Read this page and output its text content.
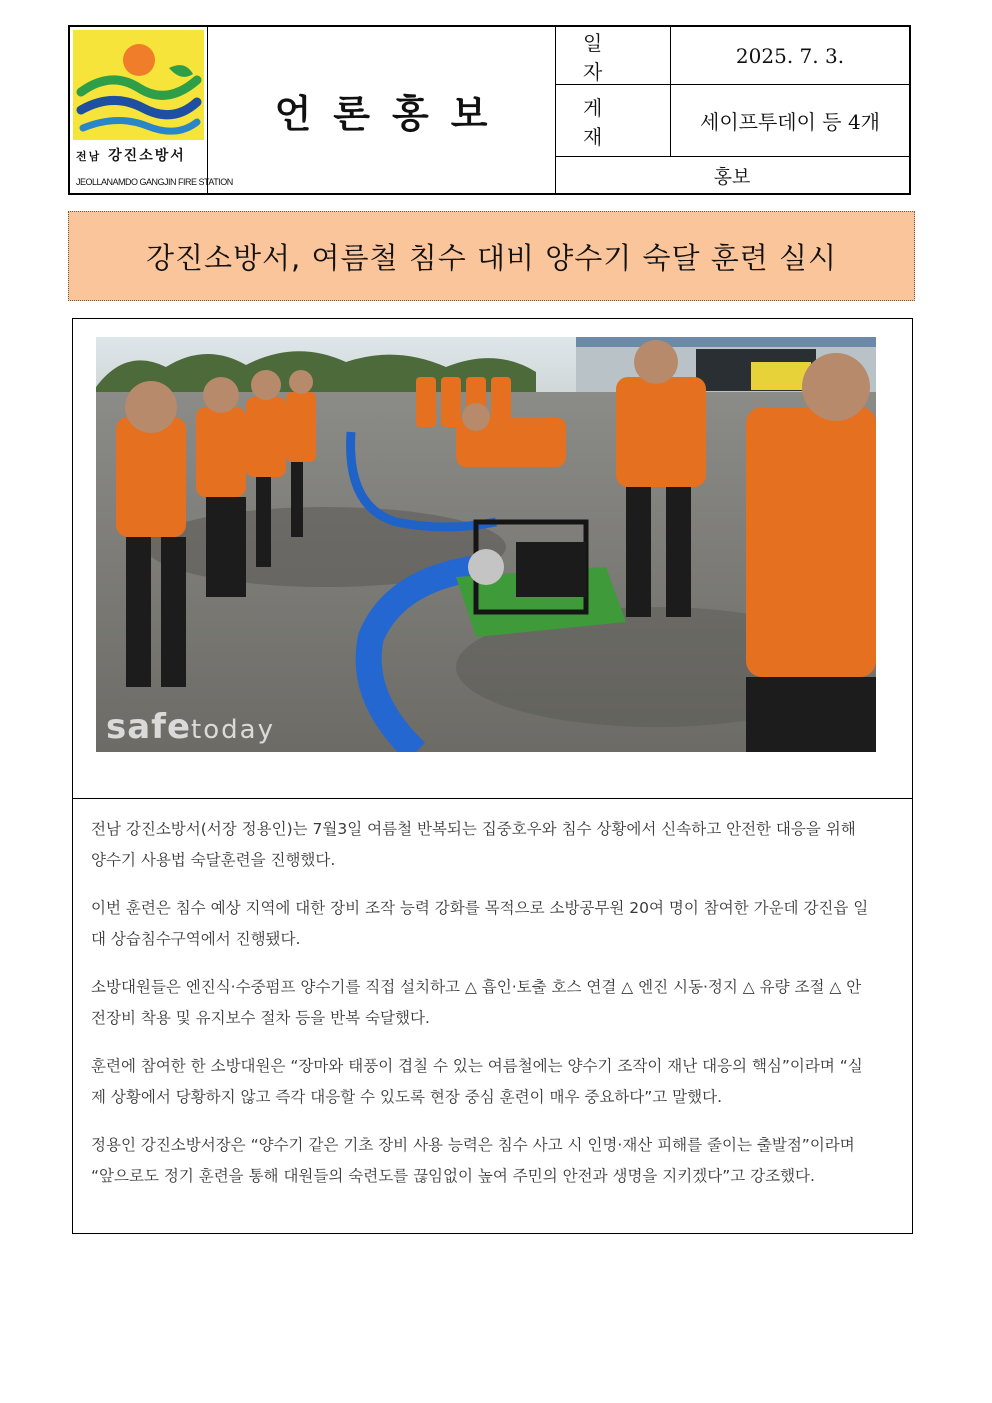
전남 강진소방서
JEOLLANAMDO GANGJIN FIRE STATION
언론홍보
일자
2025. 7. 3.
게재
세이프투데이 등 4개
홍보
강진소방서, 여름철 침수 대비 양수기 숙달 훈련 실시
safetoday
전남 강진소방서(서장 정용인)는 7월3일 여름철 반복되는 집중호우와 침수 상황에서 신속하고 안전한 대응을 위해 양수기 사용법 숙달훈련을 진행했다.
이번 훈련은 침수 예상 지역에 대한 장비 조작 능력 강화를 목적으로 소방공무원 20여 명이 참여한 가운데 강진읍 일대 상습침수구역에서 진행됐다.
소방대원들은 엔진식·수중펌프 양수기를 직접 설치하고 △ 흡인·토출 호스 연결 △ 엔진 시동·정지 △ 유량 조절 △ 안전장비 착용 및 유지보수 절차 등을 반복 숙달했다.
훈련에 참여한 한 소방대원은 “장마와 태풍이 겹칠 수 있는 여름철에는 양수기 조작이 재난 대응의 핵심”이라며 “실제 상황에서 당황하지 않고 즉각 대응할 수 있도록 현장 중심 훈련이 매우 중요하다”고 말했다.
정용인 강진소방서장은 “양수기 같은 기초 장비 사용 능력은 침수 사고 시 인명·재산 피해를 줄이는 출발점”이라며 “앞으로도 정기 훈련을 통해 대원들의 숙련도를 끊임없이 높여 주민의 안전과 생명을 지키겠다”고 강조했다.
